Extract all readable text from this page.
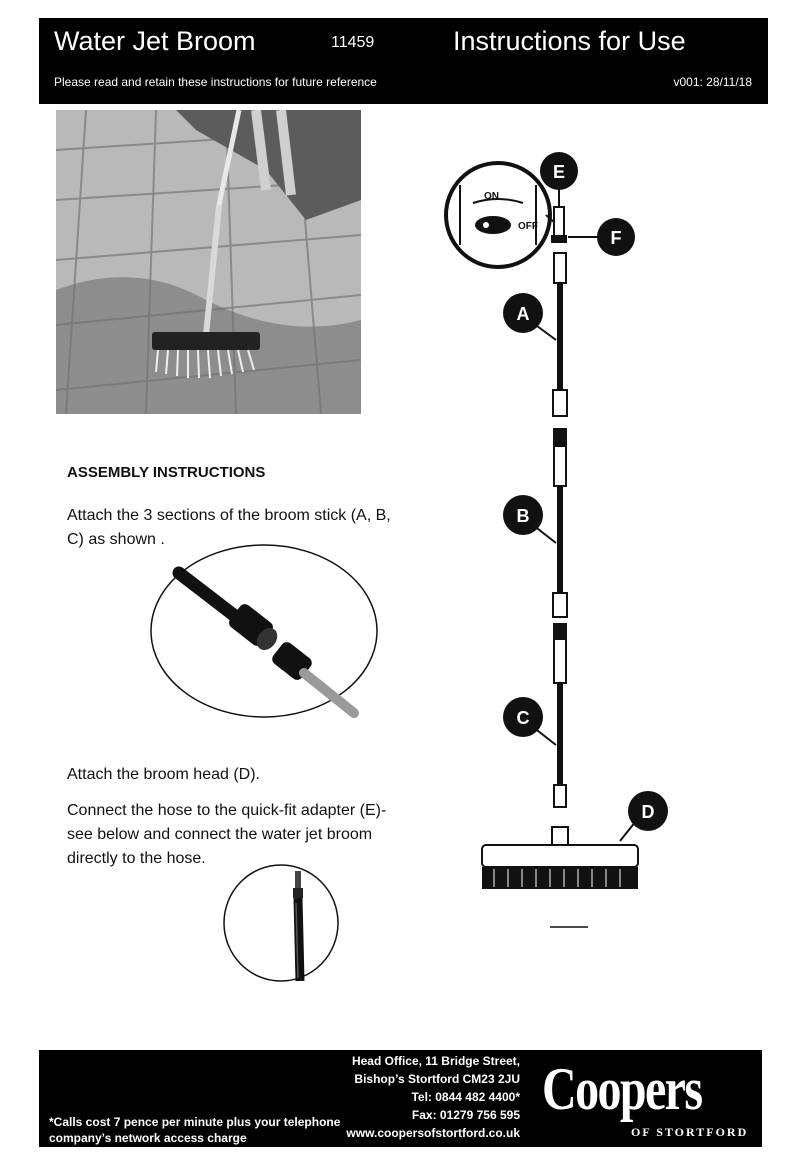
Water Jet Broom	11459	Instructions for Use
Please read and retain these instructions for future reference	v001: 28/11/18
ASSEMBLY INSTRUCTIONS
Attach the 3 sections of the broom stick (A, B, C) as shown .
Attach the broom head (D).
Connect the hose to the quick-fit adapter (E)- see below and connect the water jet broom directly to the hose.
ON
OFF
A
B
C
D
E
F
Head Office, 11 Bridge Street,
Bishop’s Stortford CM23 2JU
Tel: 0844 482 4400*
Fax: 01279 756 595
www.coopersofstortford.co.uk
*Calls cost 7 pence per minute plus your telephone company’s network access charge
Coopers
OF STORTFORD
